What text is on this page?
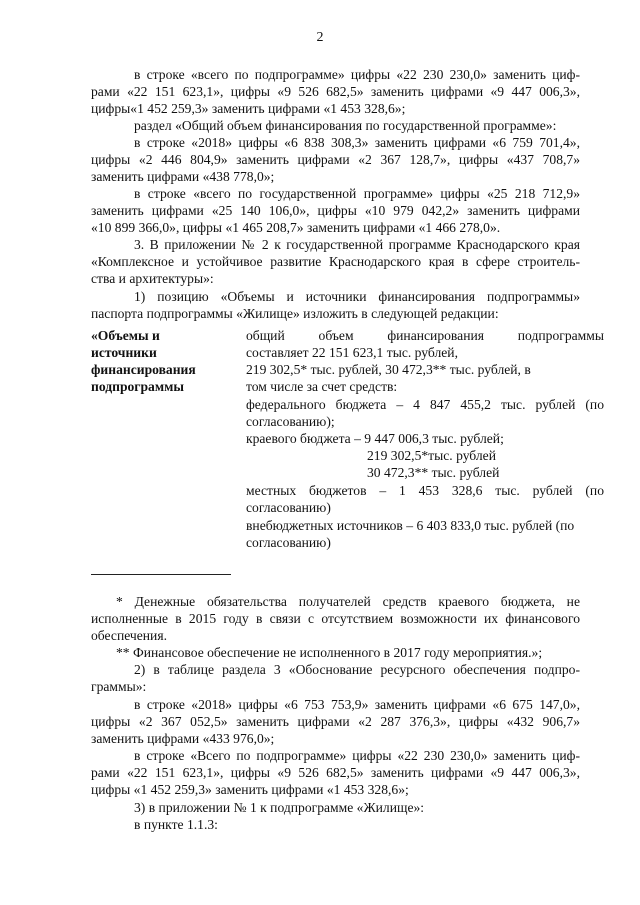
2
в строке «всего по подпрограмме» цифры «22 230 230,0» заменить циф-
рами «22 151 623,1», цифры «9 526 682,5» заменить цифрами «9 447 006,3»,
цифры«1 452 259,3» заменить цифрами «1 453 328,6»;
раздел «Общий объем финансирования по государственной программе»:
в строке «2018» цифры «6 838 308,3» заменить цифрами «6 759 701,4»,
цифры «2 446 804,9» заменить цифрами «2 367 128,7», цифры «437 708,7»
заменить цифрами «438 778,0»;
в строке «всего по государственной программе» цифры «25 218 712,9»
заменить цифрами «25 140 106,0», цифры «10 979 042,2» заменить цифрами
«10 899 366,0», цифры «1 465 208,7» заменить цифрами «1 466 278,0».
3. В приложении № 2 к государственной программе Краснодарского края
«Комплексное и устойчивое развитие Краснодарского края в сфере строитель-
ства и архитектуры»:
1) позицию «Объемы и источники финансирования подпрограммы»
паспорта подпрограммы «Жилище» изложить в следующей редакции:
«Объемы и
источники
финансирования
подпрограммы
общий объем финансирования подпрограммы
составляет 22 151 623,1 тыс. рублей,
219 302,5* тыс. рублей, 30 472,3** тыс. рублей, в
том числе за счет средств:
федерального бюджета – 4 847 455,2 тыс. рублей (по
согласованию);
краевого бюджета – 9 447 006,3 тыс. рублей;
219 302,5*тыс. рублей
30 472,3** тыс. рублей
местных бюджетов – 1 453 328,6 тыс. рублей (по
согласованию)
внебюджетных источников – 6 403 833,0 тыс. рублей (по
согласованию)
* Денежные обязательства получателей средств краевого бюджета, не
исполненные в 2015 году в связи с отсутствием возможности их финансового
обеспечения.
** Финансовое обеспечение не исполненного в 2017 году мероприятия.»;
2) в таблице раздела 3 «Обоснование ресурсного обеспечения подпро-
граммы»:
в строке «2018» цифры «6 753 753,9» заменить цифрами «6 675 147,0»,
цифры «2 367 052,5» заменить цифрами «2 287 376,3», цифры «432 906,7»
заменить цифрами «433 976,0»;
в строке «Всего по подпрограмме» цифры «22 230 230,0» заменить циф-
рами «22 151 623,1», цифры «9 526 682,5» заменить цифрами «9 447 006,3»,
цифры «1 452 259,3» заменить цифрами «1 453 328,6»;
3) в приложении № 1 к подпрограмме «Жилище»:
в пункте 1.1.3:
